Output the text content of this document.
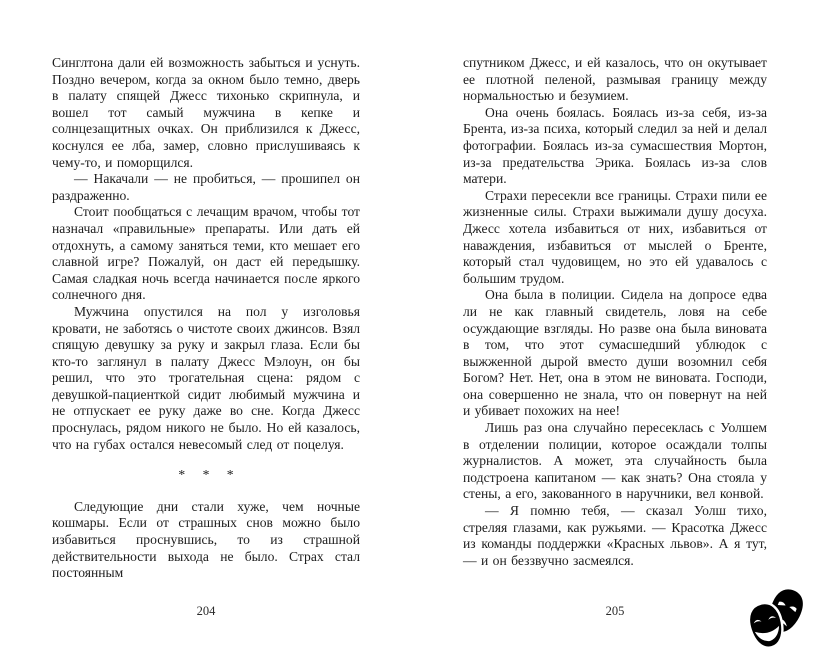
Синглтона дали ей возможность забыться и уснуть. Поздно вечером, когда за окном было темно, дверь в палату спящей Джесс тихонько скрипнула, и вошел тот самый мужчина в кепке и солнцезащитных очках. Он приблизился к Джесс, коснулся ее лба, замер, словно прислушиваясь к чему-то, и поморщился.

— Накачали — не пробиться, — прошипел он раздраженно.

Стоит пообщаться с лечащим врачом, чтобы тот назначал «правильные» препараты. Или дать ей отдохнуть, а самому заняться теми, кто мешает его славной игре? Пожалуй, он даст ей передышку. Самая сладкая ночь всегда начинается после яркого солнечного дня.

Мужчина опустился на пол у изголовья кровати, не заботясь о чистоте своих джинсов. Взял спящую девушку за руку и закрыл глаза. Если бы кто-то заглянул в палату Джесс Мэлоун, он бы решил, что это трогательная сцена: рядом с девушкой-пациенткой сидит любимый мужчина и не отпускает ее руку даже во сне. Когда Джесс проснулась, рядом никого не было. Но ей казалось, что на губах остался невесомый след от поцелуя.

* * *

Следующие дни стали хуже, чем ночные кошмары. Если от страшных снов можно было избавиться проснувшись, то из страшной действительности выхода не было. Страх стал постоянным

спутником Джесс, и ей казалось, что он окутывает ее плотной пеленой, размывая границу между нормальностью и безумием.

Она очень боялась. Боялась из-за себя, из-за Брента, из-за психа, который следил за ней и делал фотографии. Боялась из-за сумасшествия Мортон, из-за предательства Эрика. Боялась из-за слов матери.

Страхи пересекли все границы. Страхи пили ее жизненные силы. Страхи выжимали душу досуха. Джесс хотела избавиться от них, избавиться от наваждения, избавиться от мыслей о Бренте, который стал чудовищем, но это ей удавалось с большим трудом.

Она была в полиции. Сидела на допросе едва ли не как главный свидетель, ловя на себе осуждающие взгляды. Но разве она была виновата в том, что этот сумасшедший ублюдок с выжженной дырой вместо души возомнил себя Богом? Нет. Нет, она в этом не виновата. Господи, она совершенно не знала, что он повернут на ней и убивает похожих на нее!

Лишь раз она случайно пересеклась с Уолшем в отделении полиции, которое осаждали толпы журналистов. А может, эта случайность была подстроена капитаном — как знать? Она стояла у стены, а его, закованного в наручники, вел конвой.

— Я помню тебя, — сказал Уолш тихо, стреляя глазами, как ружьями. — Красотка Джесс из команды поддержки «Красных львов». А я тут, — и он беззвучно засмеялся.

204	205
